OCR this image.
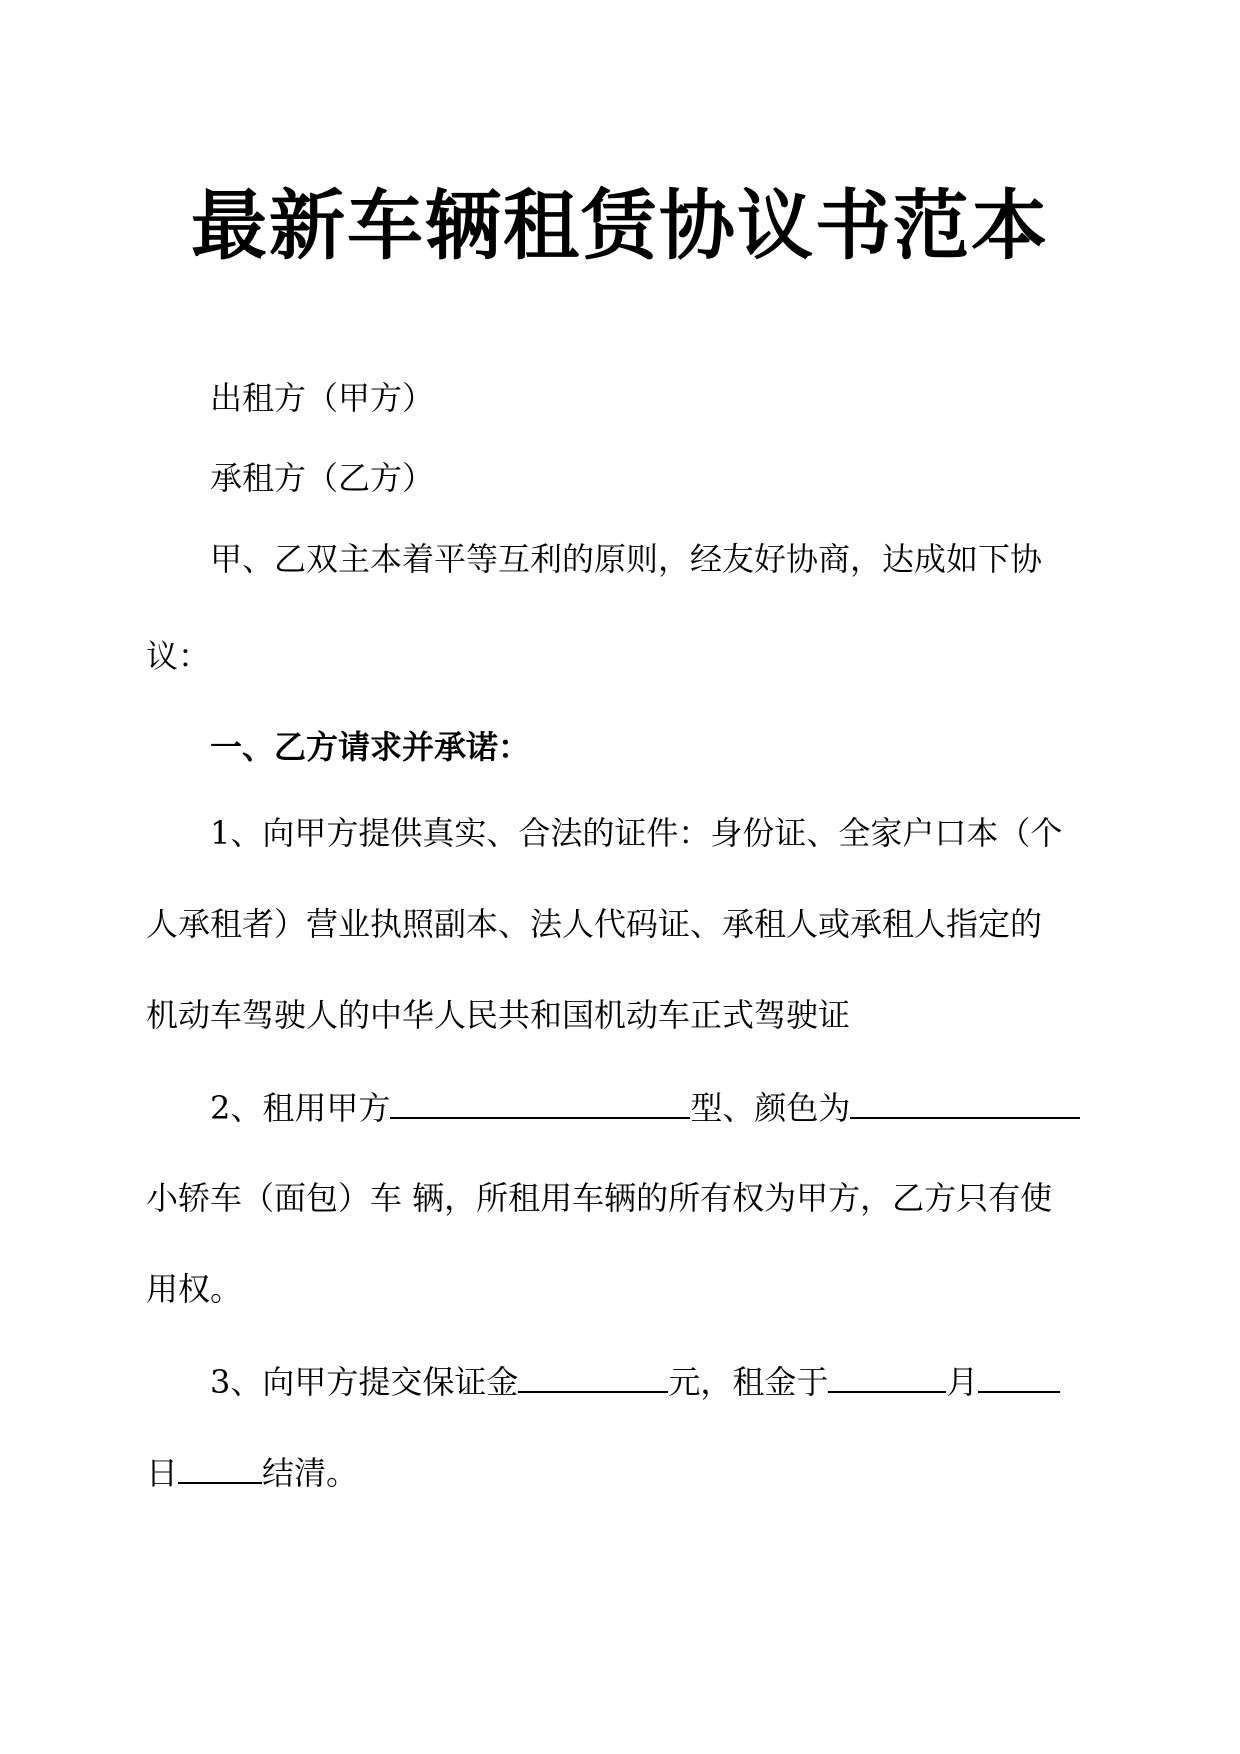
最新车辆租赁协议书范本
出租方（甲方）
承租方（乙方）
甲、乙双主本着平等互利的原则，经友好协商，达成如下协
议：
一、乙方请求并承诺：
1、向甲方提供真实、合法的证件：身份证、全家户口本（个
人承租者）营业执照副本、法人代码证、承租人或承租人指定的
机动车驾驶人的中华人民共和国机动车正式驾驶证
2、租用甲方	型、颜色为
小轿车（面包）车 辆，所租用车辆的所有权为甲方，乙方只有使
用权。
3、向甲方提交保证金	元，租金于	月
日	结清。
